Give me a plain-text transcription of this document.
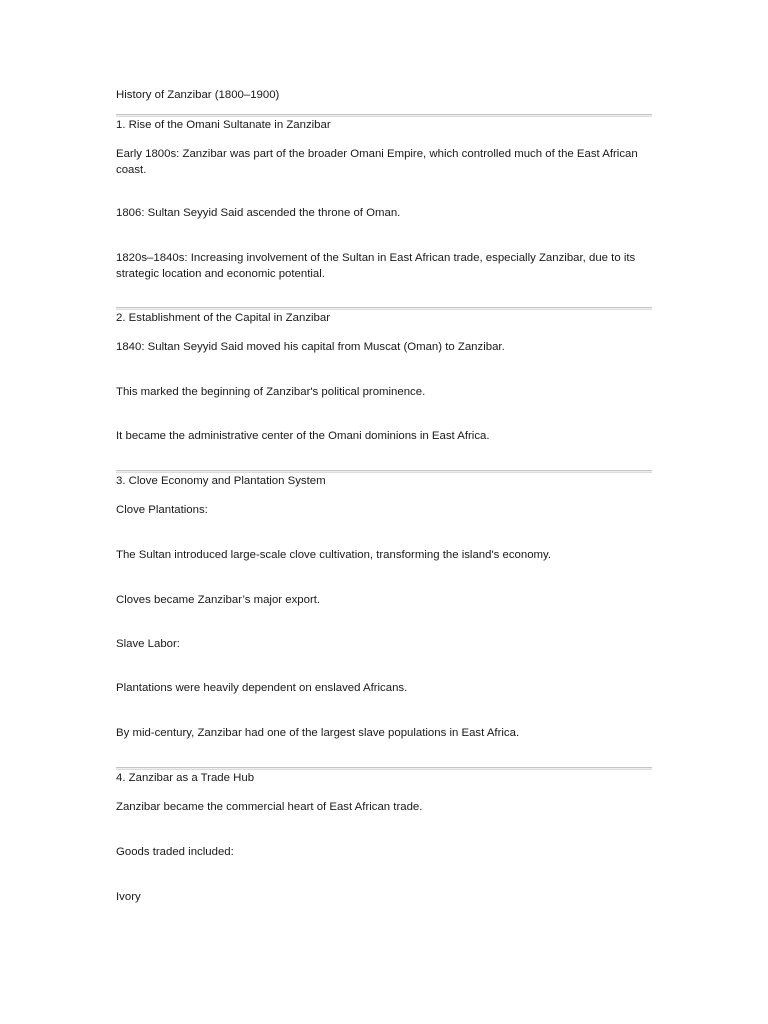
History of Zanzibar (1800–1900)
1. Rise of the Omani Sultanate in Zanzibar
Early 1800s: Zanzibar was part of the broader Omani Empire, which controlled much of the East African coast.
1806: Sultan Seyyid Said ascended the throne of Oman.
1820s–1840s: Increasing involvement of the Sultan in East African trade, especially Zanzibar, due to its strategic location and economic potential.
2. Establishment of the Capital in Zanzibar
1840: Sultan Seyyid Said moved his capital from Muscat (Oman) to Zanzibar.
This marked the beginning of Zanzibar's political prominence.
It became the administrative center of the Omani dominions in East Africa.
3. Clove Economy and Plantation System
Clove Plantations:
The Sultan introduced large-scale clove cultivation, transforming the island's economy.
Cloves became Zanzibar’s major export.
Slave Labor:
Plantations were heavily dependent on enslaved Africans.
By mid-century, Zanzibar had one of the largest slave populations in East Africa.
4. Zanzibar as a Trade Hub
Zanzibar became the commercial heart of East African trade.
Goods traded included:
Ivory
